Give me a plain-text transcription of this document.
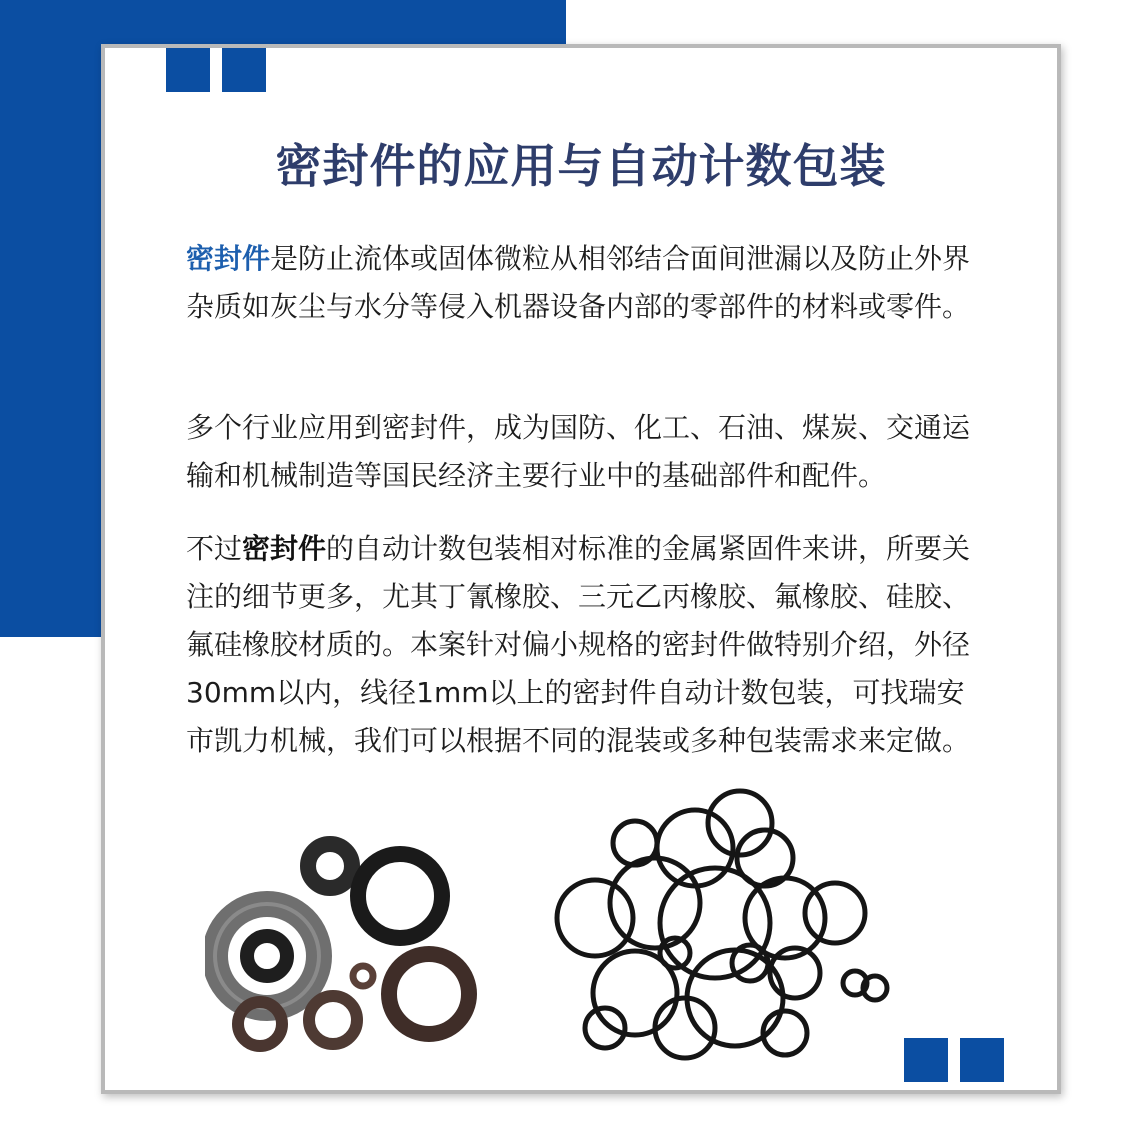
密封件的应用与自动计数包装

密封件是防止流体或固体微粒从相邻结合面间泄漏以及防止外界杂质如灰尘与水分等侵入机器设备内部的零部件的材料或零件。

多个行业应用到密封件，成为国防、化工、石油、煤炭、交通运输和机械制造等国民经济主要行业中的基础部件和配件。

不过密封件的自动计数包装相对标准的金属紧固件来讲，所要关注的细节更多，尤其丁氰橡胶、三元乙丙橡胶、氟橡胶、硅胶、氟硅橡胶材质的。本案针对偏小规格的密封件做特别介绍，外径30mm以内，线径1mm以上的密封件自动计数包装，可找瑞安市凯力机械，我们可以根据不同的混装或多种包装需求来定做。
